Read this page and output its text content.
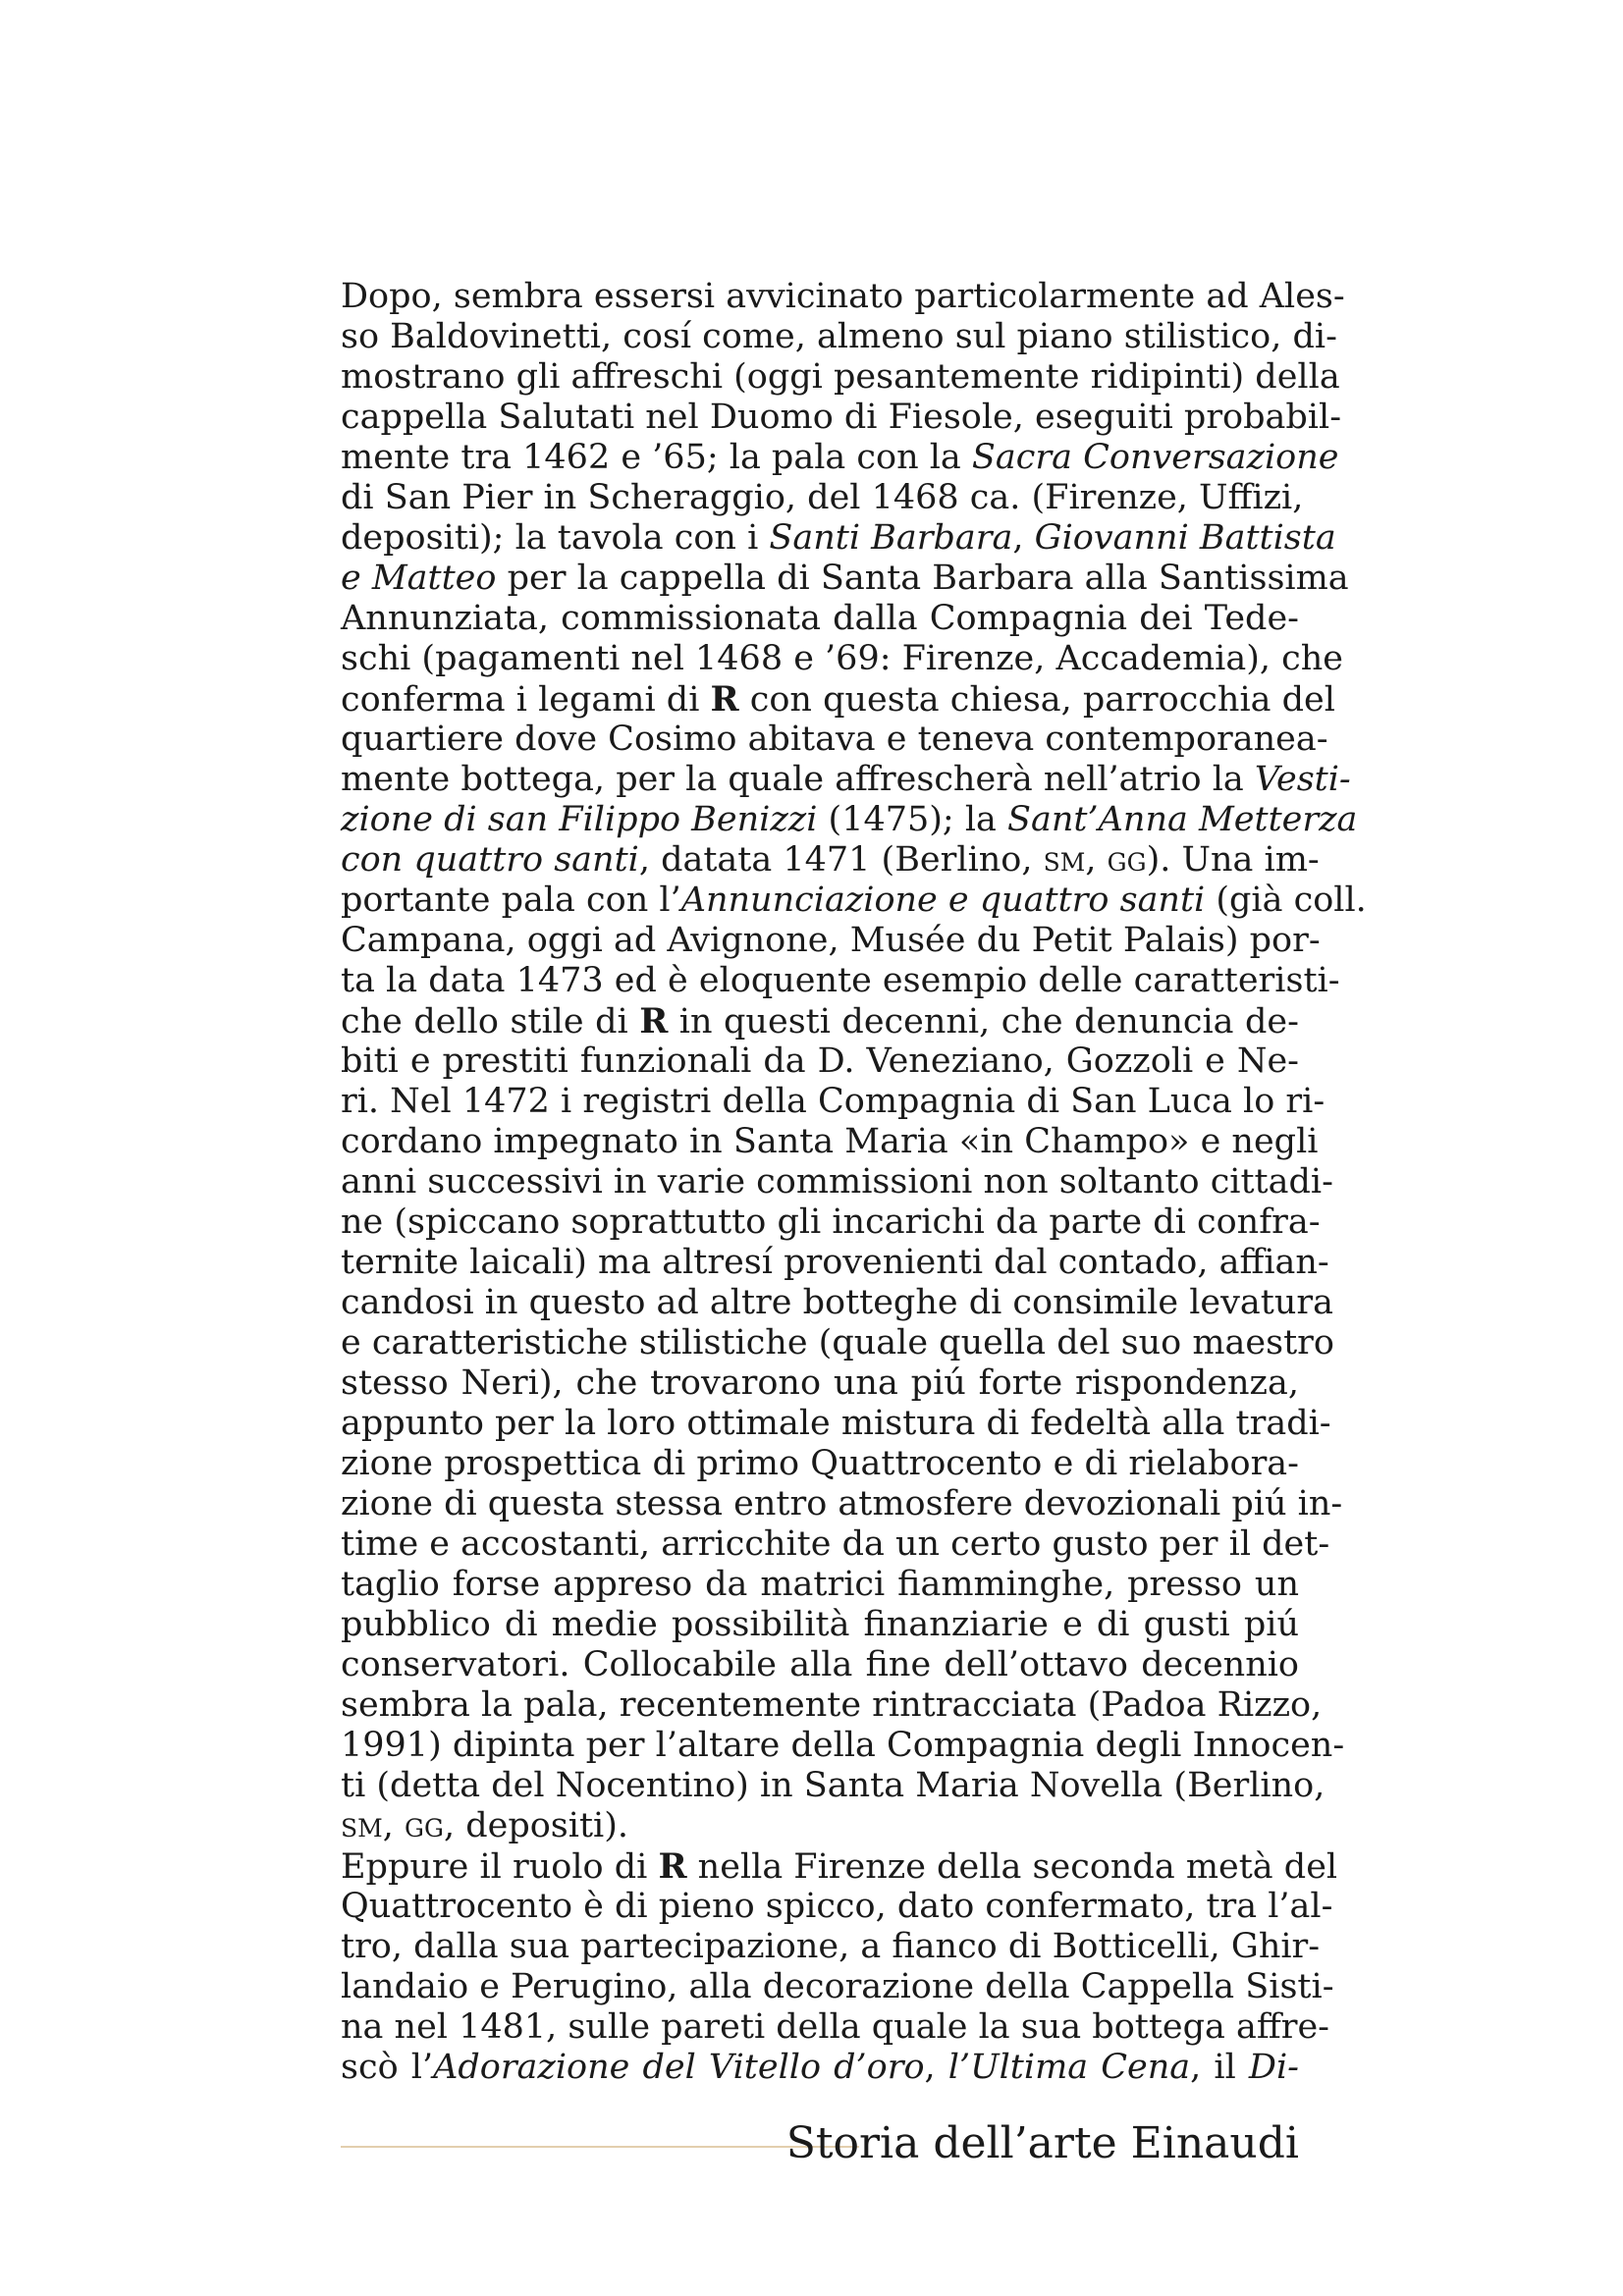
Dopo, sembra essersi avvicinato particolarmente ad Ales-
so Baldovinetti, cosí come, almeno sul piano stilistico, di-
mostrano gli affreschi (oggi pesantemente ridipinti) della
cappella Salutati nel Duomo di Fiesole, eseguiti probabil-
mente tra 1462 e ’65; la pala con la Sacra Conversazione
di San Pier in Scheraggio, del 1468 ca. (Firenze, Uffizi,
depositi); la tavola con i Santi Barbara, Giovanni Battista
e Matteo per la cappella di Santa Barbara alla Santissima
Annunziata, commissionata dalla Compagnia dei Tede-
schi (pagamenti nel 1468 e ’69: Firenze, Accademia), che
conferma i legami di R con questa chiesa, parrocchia del
quartiere dove Cosimo abitava e teneva contemporanea-
mente bottega, per la quale affrescherà nell’atrio la Vesti-
zione di san Filippo Benizzi (1475); la Sant’Anna Metterza
con quattro santi, datata 1471 (Berlino, sm, gg). Una im-
portante pala con l’Annunciazione e quattro santi (già coll.
Campana, oggi ad Avignone, Musée du Petit Palais) por-
ta la data 1473 ed è eloquente esempio delle caratteristi-
che dello stile di R in questi decenni, che denuncia de-
biti e prestiti funzionali da D. Veneziano, Gozzoli e Ne-
ri. Nel 1472 i registri della Compagnia di San Luca lo ri-
cordano impegnato in Santa Maria «in Champo» e negli
anni successivi in varie commissioni non soltanto cittadi-
ne (spiccano soprattutto gli incarichi da parte di confra-
ternite laicali) ma altresí provenienti dal contado, affian-
candosi in questo ad altre botteghe di consimile levatura
e caratteristiche stilistiche (quale quella del suo maestro
stesso Neri), che trovarono una piú forte rispondenza,
appunto per la loro ottimale mistura di fedeltà alla tradi-
zione prospettica di primo Quattrocento e di rielabora-
zione di questa stessa entro atmosfere devozionali piú in-
time e accostanti, arricchite da un certo gusto per il det-
taglio forse appreso da matrici fiamminghe, presso un
pubblico di medie possibilità finanziarie e di gusti piú
conservatori. Collocabile alla fine dell’ottavo decennio
sembra la pala, recentemente rintracciata (Padoa Rizzo,
1991) dipinta per l’altare della Compagnia degli Innocen-
ti (detta del Nocentino) in Santa Maria Novella (Berlino,
sm, gg, depositi).
Eppure il ruolo di R nella Firenze della seconda metà del
Quattrocento è di pieno spicco, dato confermato, tra l’al-
tro, dalla sua partecipazione, a fianco di Botticelli, Ghir-
landaio e Perugino, alla decorazione della Cappella Sisti-
na nel 1481, sulle pareti della quale la sua bottega affre-
scò l’Adorazione del Vitello d’oro, l’Ultima Cena, il Di-
Storia dell’arte Einaudi
